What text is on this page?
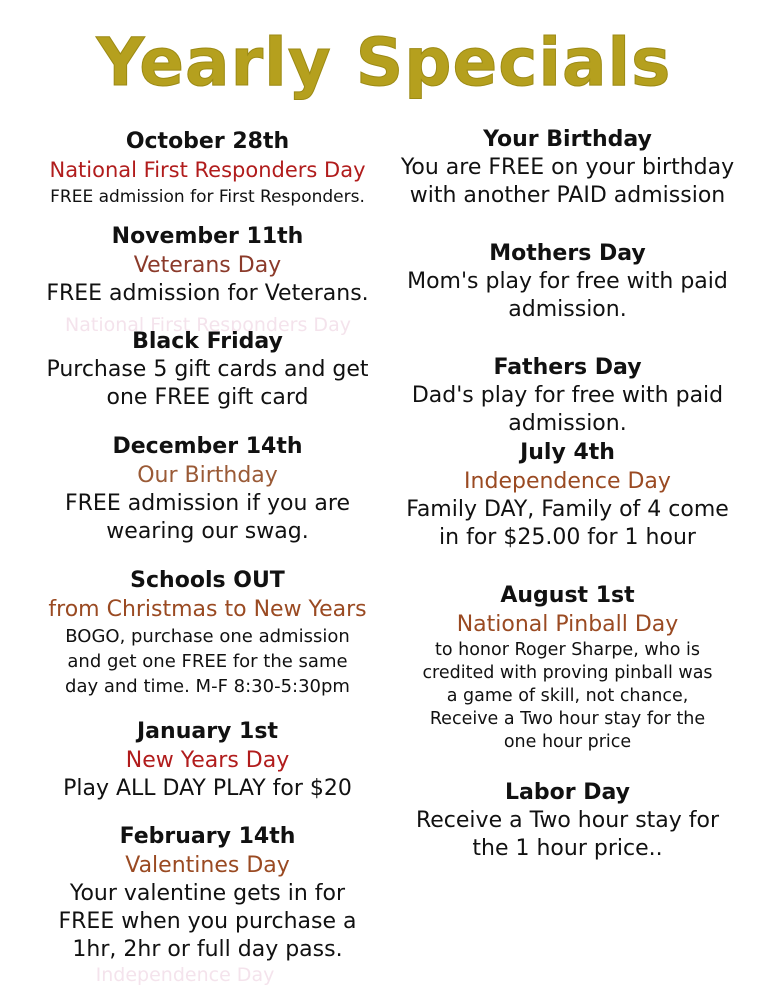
Yearly Specials
National First Responders Day
Independence Day
October 28th
National First Responders Day
FREE admission for First Responders.
November 11th
Veterans Day
FREE admission for Veterans.
Black Friday
Purchase 5 gift cards and get
one FREE gift card
December 14th
Our Birthday
FREE admission if you are
wearing our swag.
Schools OUT
from Christmas to New Years
BOGO, purchase one admission
and get one FREE for the same
day and time. M-F 8:30-5:30pm
January 1st
New Years Day
Play ALL DAY PLAY for $20
February 14th
Valentines Day
Your valentine gets in for
FREE when you purchase a
1hr, 2hr or full day pass.
Your Birthday
You are FREE on your birthday
with another PAID admission
Mothers Day
Mom's play for free with paid
admission.
Fathers Day
Dad's play for free with paid
admission.
July 4th
Independence Day
Family DAY, Family of 4 come
in for $25.00 for 1 hour
August 1st
National Pinball Day
to honor Roger Sharpe, who is
credited with proving pinball was
a game of skill, not chance,
Receive a Two hour stay for the
one hour price
Labor Day
Receive a Two hour stay for
the 1 hour price..
